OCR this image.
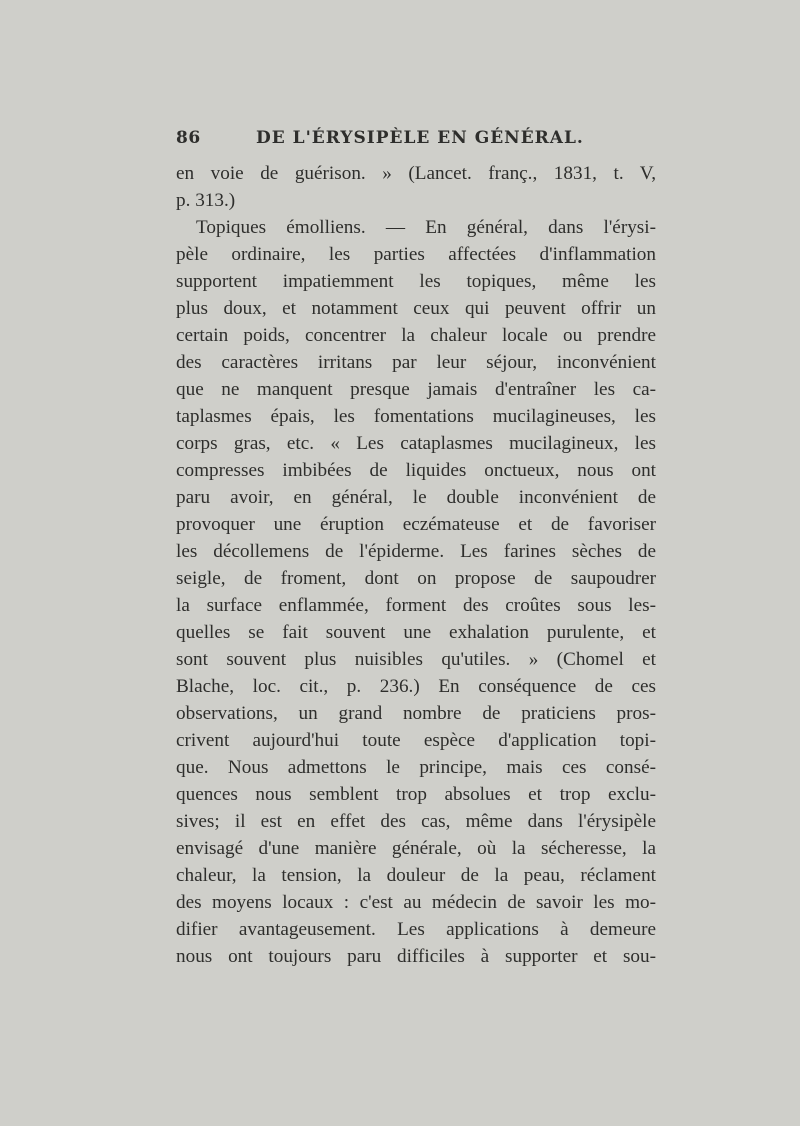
86	DE L'ÉRYSIPÈLE EN GÉNÉRAL.
en voie de guérison. » (Lancet. franç., 1831, t. V,
p. 313.)
Topiques émolliens. — En général, dans l'érysi-
pèle ordinaire, les parties affectées d'inflammation
supportent impatiemment les topiques, même les
plus doux, et notamment ceux qui peuvent offrir un
certain poids, concentrer la chaleur locale ou prendre
des caractères irritans par leur séjour, inconvénient
que ne manquent presque jamais d'entraîner les ca-
taplasmes épais, les fomentations mucilagineuses, les
corps gras, etc. « Les cataplasmes mucilagineux, les
compresses imbibées de liquides onctueux, nous ont
paru avoir, en général, le double inconvénient de
provoquer une éruption eczémateuse et de favoriser
les décollemens de l'épiderme. Les farines sèches de
seigle, de froment, dont on propose de saupoudrer
la surface enflammée, forment des croûtes sous les-
quelles se fait souvent une exhalation purulente, et
sont souvent plus nuisibles qu'utiles. » (Chomel et
Blache, loc. cit., p. 236.) En conséquence de ces
observations, un grand nombre de praticiens pros-
crivent aujourd'hui toute espèce d'application topi-
que. Nous admettons le principe, mais ces consé-
quences nous semblent trop absolues et trop exclu-
sives; il est en effet des cas, même dans l'érysipèle
envisagé d'une manière générale, où la sécheresse, la
chaleur, la tension, la douleur de la peau, réclament
des moyens locaux : c'est au médecin de savoir les mo-
difier avantageusement. Les applications à demeure
nous ont toujours paru difficiles à supporter et sou-
